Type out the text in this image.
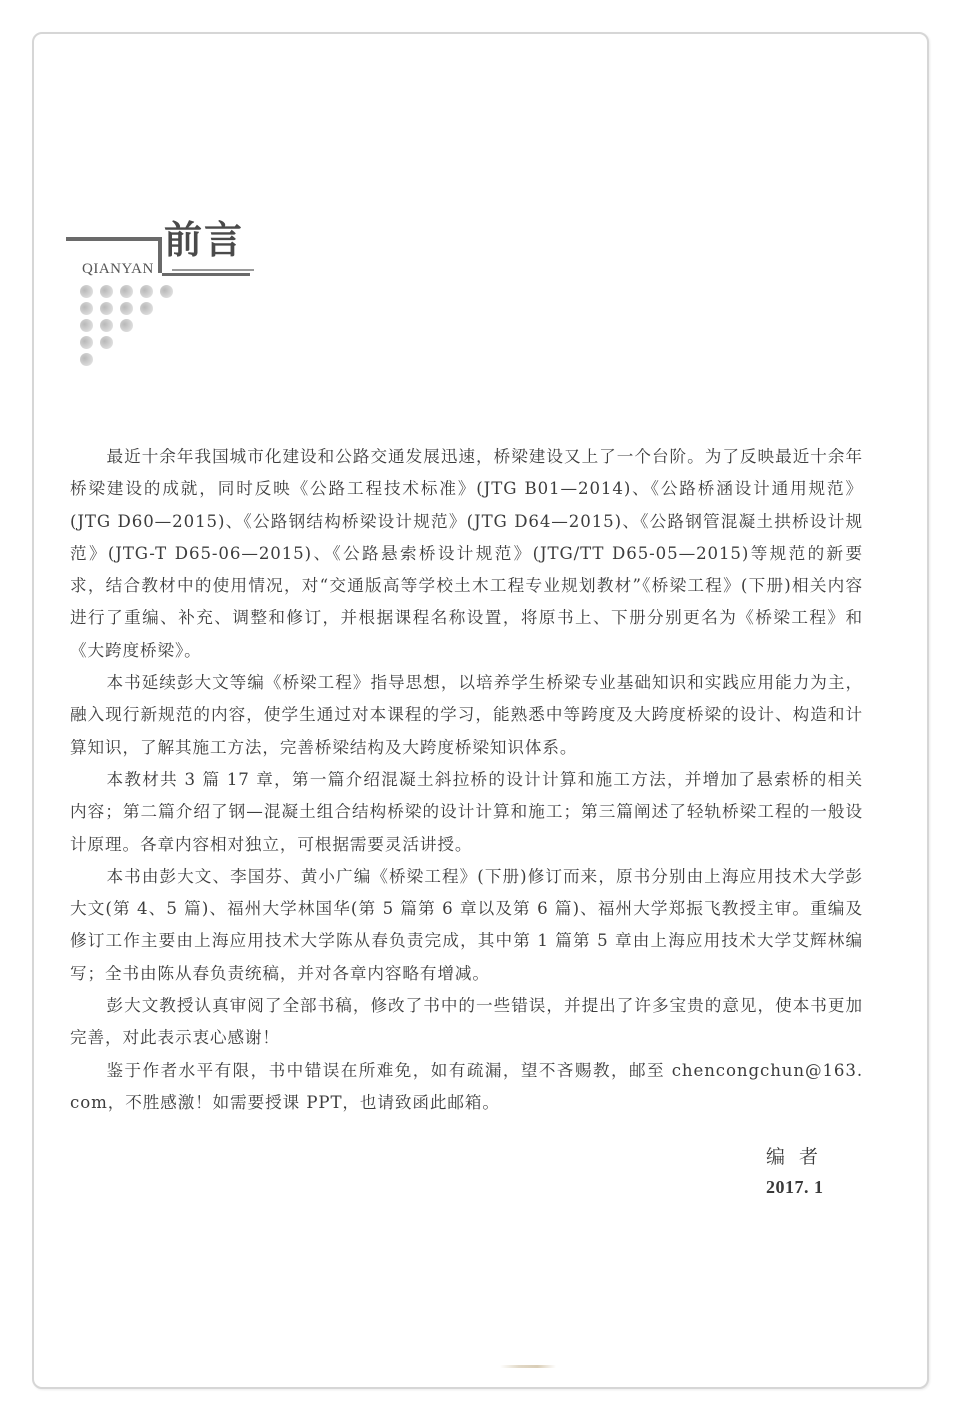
前言
QIANYAN

最近十余年我国城市化建设和公路交通发展迅速，桥梁建设又上了一个台阶。为了反映最近十余年桥梁建设的成就，同时反映《公路工程技术标准》(JTG B01—2014)、《公路桥涵设计通用规范》(JTG D60—2015)、《公路钢结构桥梁设计规范》(JTG D64—2015)、《公路钢管混凝土拱桥设计规范》(JTG-T D65-06—2015)、《公路悬索桥设计规范》(JTG/TT D65-05—2015)等规范的新要求，结合教材中的使用情况，对“交通版高等学校土木工程专业规划教材”《桥梁工程》(下册)相关内容进行了重编、补充、调整和修订，并根据课程名称设置，将原书上、下册分别更名为《桥梁工程》和《大跨度桥梁》。

本书延续彭大文等编《桥梁工程》指导思想，以培养学生桥梁专业基础知识和实践应用能力为主，融入现行新规范的内容，使学生通过对本课程的学习，能熟悉中等跨度及大跨度桥梁的设计、构造和计算知识，了解其施工方法，完善桥梁结构及大跨度桥梁知识体系。

本教材共 3 篇 17 章，第一篇介绍混凝土斜拉桥的设计计算和施工方法，并增加了悬索桥的相关内容；第二篇介绍了钢—混凝土组合结构桥梁的设计计算和施工；第三篇阐述了轻轨桥梁工程的一般设计原理。各章内容相对独立，可根据需要灵活讲授。

本书由彭大文、李国芬、黄小广编《桥梁工程》(下册)修订而来，原书分别由上海应用技术大学彭大文(第 4、5 篇)、福州大学林国华(第 5 篇第 6 章以及第 6 篇)、福州大学郑振飞教授主审。重编及修订工作主要由上海应用技术大学陈从春负责完成，其中第 1 篇第 5 章由上海应用技术大学艾辉林编写；全书由陈从春负责统稿，并对各章内容略有增减。

彭大文教授认真审阅了全部书稿，修改了书中的一些错误，并提出了许多宝贵的意见，使本书更加完善，对此表示衷心感谢！

鉴于作者水平有限，书中错误在所难免，如有疏漏，望不吝赐教，邮至 chencongchun@163. com，不胜感激！如需要授课 PPT，也请致函此邮箱。

编者
2017. 1
